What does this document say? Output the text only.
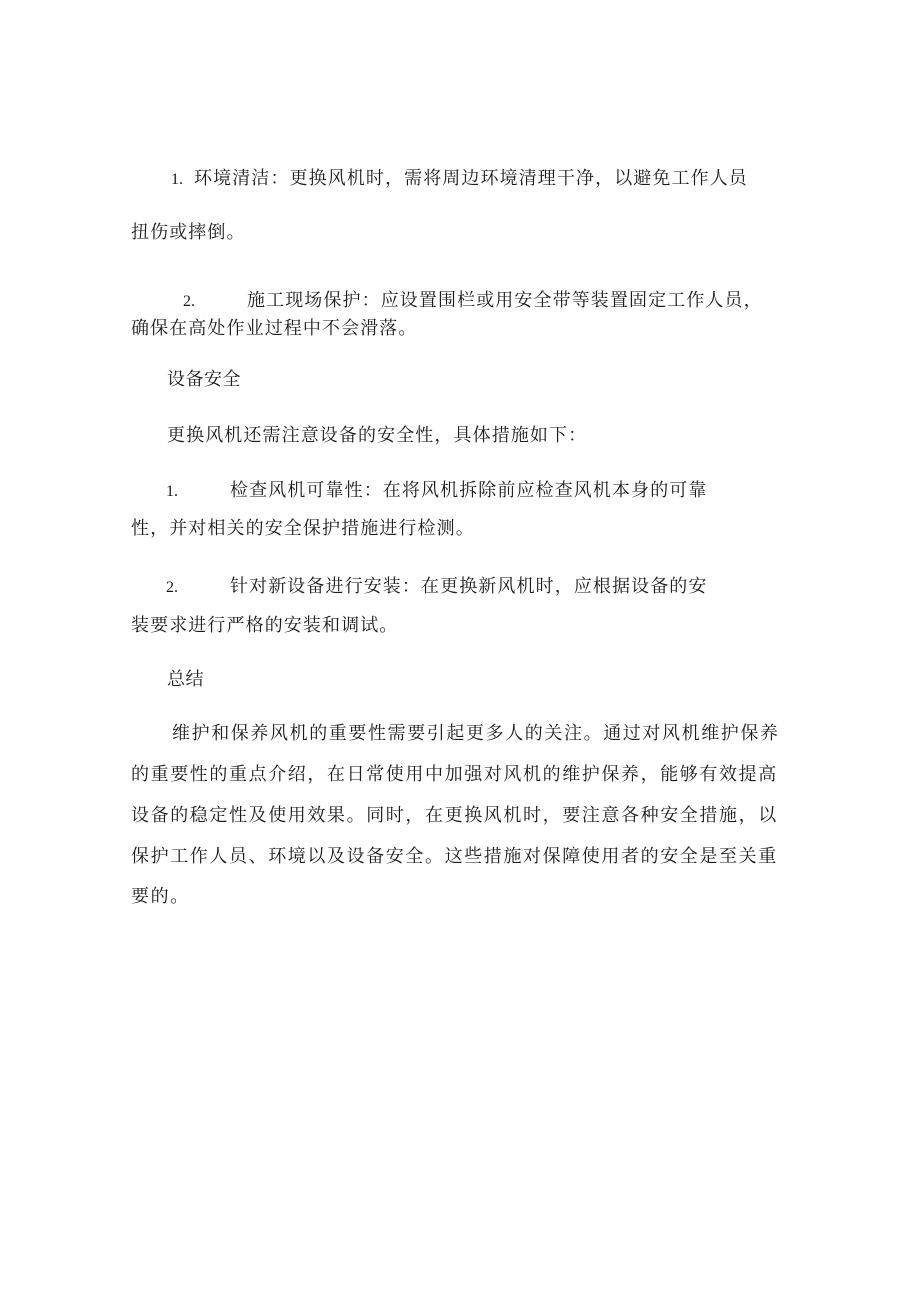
1. 环境清洁：更换风机时，需将周边环境清理干净，以避免工作人员
扭伤或摔倒。
2.	施工现场保护：应设置围栏或用安全带等装置固定工作人员，
确保在高处作业过程中不会滑落。
设备安全
更换风机还需注意设备的安全性，具体措施如下：
1.	检查风机可靠性：在将风机拆除前应检查风机本身的可靠
性，并对相关的安全保护措施进行检测。
2.	针对新设备进行安装：在更换新风机时，应根据设备的安
装要求进行严格的安装和调试。
总结
维护和保养风机的重要性需要引起更多人的关注。通过对风机维护保养
的重要性的重点介绍，在日常使用中加强对风机的维护保养，能够有效提高
设备的稳定性及使用效果。同时，在更换风机时，要注意各种安全措施，以
保护工作人员、环境以及设备安全。这些措施对保障使用者的安全是至关重
要的。
